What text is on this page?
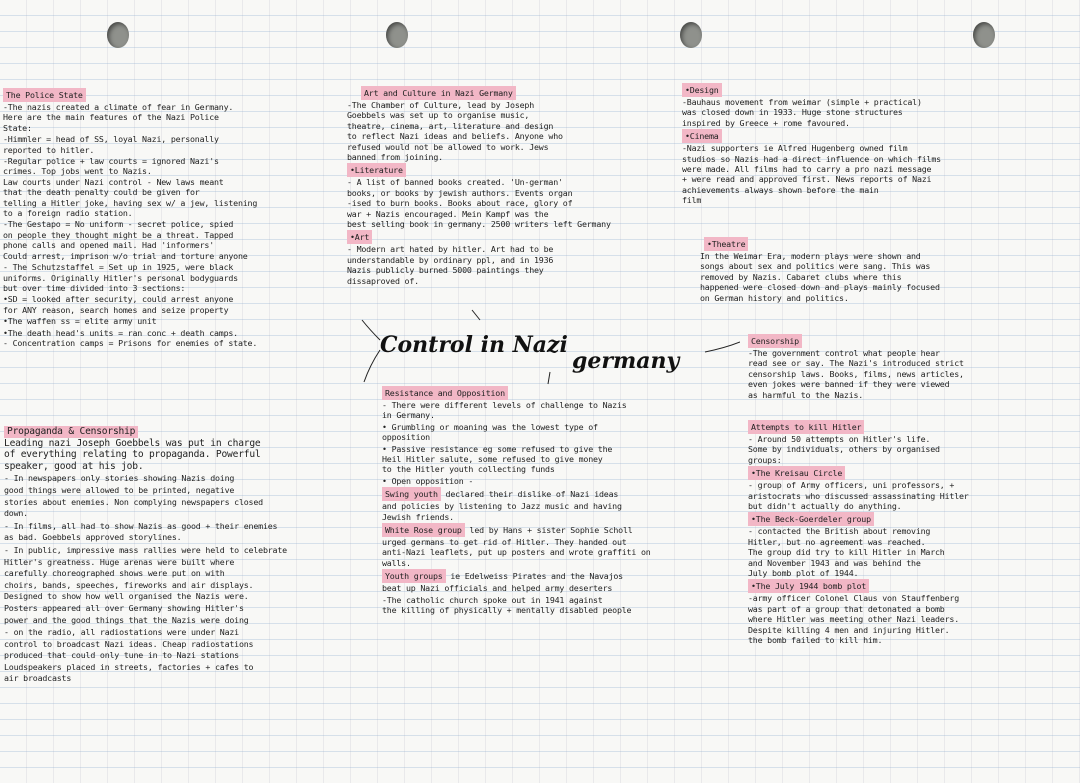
The Police State

-The nazis created a climate of fear in Germany.
Here are the main features of the Nazi Police
State:

-Himmler = head of SS, loyal Nazi, personally
reported to hitler.

-Regular police + law courts = ignored Nazi's
crimes. Top jobs went to Nazis.
Law courts under Nazi control - New laws meant
that the death penalty could be given for
telling a Hitler joke, having sex w/ a jew, listening
to a foreign radio station.

-The Gestapo = No uniform - secret police, spied
on people they thought might be a threat. Tapped
phone calls and opened mail. Had 'informers'
Could arrest, imprison w/o trial and torture anyone

- The Schutzstaffel = Set up in 1925, were black
uniforms. Originally Hitler's personal bodyguards
but over time divided into 3 sections:

•SD = looked after security, could arrest anyone
for ANY reason, search homes and seize property

•The waffen ss = elite army unit

•The death head's units = ran conc + death camps.
- Concentration camps = Prisons for enemies of state.

Propaganda & Censorship

Leading nazi Joseph Goebbels was put in charge
of everything relating to propaganda. Powerful
speaker, good at his job.

- In newspapers only stories showing Nazis doing
good things were allowed to be printed, negative
stories about enemies. Non complying newspapers closed
down.

- In films, all had to show Nazis as good + their enemies
as bad. Goebbels approved storylines.

- In public, impressive mass rallies were held to celebrate
Hitler's greatness. Huge arenas were built where
carefully choreographed shows were put on with
choirs, bands, speeches, fireworks and air displays.
Designed to show how well organised the Nazis were.
Posters appeared all over Germany showing Hitler's
power and the good things that the Nazis were doing

- on the radio, all radiostations were under Nazi
control to broadcast Nazi ideas. Cheap radiostations
produced that could only tune in to Nazi stations
Loudspeakers placed in streets, factories + cafes to
air broadcasts

Art and Culture in Nazi Germany

-The Chamber of Culture, lead by Joseph
Goebbels was set up to organise music,
theatre, cinema, art, literature and design
to reflect Nazi ideas and beliefs. Anyone who
refused would not be allowed to work. Jews
banned from joining.

•Literature

- A list of banned books created. 'Un-german'
books, or books by jewish authors. Events organ
-ised to burn books. Books about race, glory of
war + Nazis encouraged. Mein Kampf was the
best selling book in germany. 2500 writers left Germany

•Art

- Modern art hated by hitler. Art had to be
understandable by ordinary ppl, and in 1936
Nazis publicly burned 5000 paintings they
dissaproved of.

•Design

-Bauhaus movement from weimar (simple + practical)
was closed down in 1933. Huge stone structures
inspired by Greece + rome favoured.

•Cinema

-Nazi supporters ie Alfred Hugenberg owned film
studios so Nazis had a direct influence on which films
were made. All films had to carry a pro nazi message
+ were read and approved first. News reports of Nazi
achievements always shown before the main
film

•Theatre

In the Weimar Era, modern plays were shown and
songs about sex and politics were sang. This was
removed by Nazis. Cabaret clubs where this
happened were closed down and plays mainly focused
on German history and politics.

Censorship

-The government control what people hear
read see or say. The Nazi's introduced strict
censorship laws. Books, films, news articles,
even jokes were banned if they were viewed
as harmful to the Nazis.

Control in Nazi
germany
Resistance and Opposition

- There were different levels of challenge to Nazis
in Germany.

• Grumbling or moaning was the lowest type of
opposition

• Passive resistance eg some refused to give the
Heil Hitler salute, some refused to give money
to the Hitler youth collecting funds

• Open opposition -

Swing youth declared their dislike of Nazi ideas
and policies by listening to Jazz music and having
Jewish friends.

White Rose group led by Hans + sister Sophie Scholl
urged germans to get rid of Hitler. They handed out
anti-Nazi leaflets, put up posters and wrote graffiti on
walls.

Youth groups ie Edelweiss Pirates and the Navajos
beat up Nazi officials and helped army deserters

-The catholic church spoke out in 1941 against
the killing of physically + mentally disabled people

Attempts to kill Hitler

- Around 50 attempts on Hitler's life.
Some by individuals, others by organised
groups:

•The Kreisau Circle

- group of Army officers, uni professors, +
aristocrats who discussed assassinating Hitler
but didn't actually do anything.

•The Beck-Goerdeler group

- contacted the British about removing
Hitler, but no agreement was reached.
The group did try to kill Hitler in March
and November 1943 and was behind the
July bomb plot of 1944.

•The July 1944 bomb plot

-army officer Colonel Claus von Stauffenberg
was part of a group that detonated a bomb
where Hitler was meeting other Nazi leaders.
Despite killing 4 men and injuring Hitler.
the bomb failed to kill him.
